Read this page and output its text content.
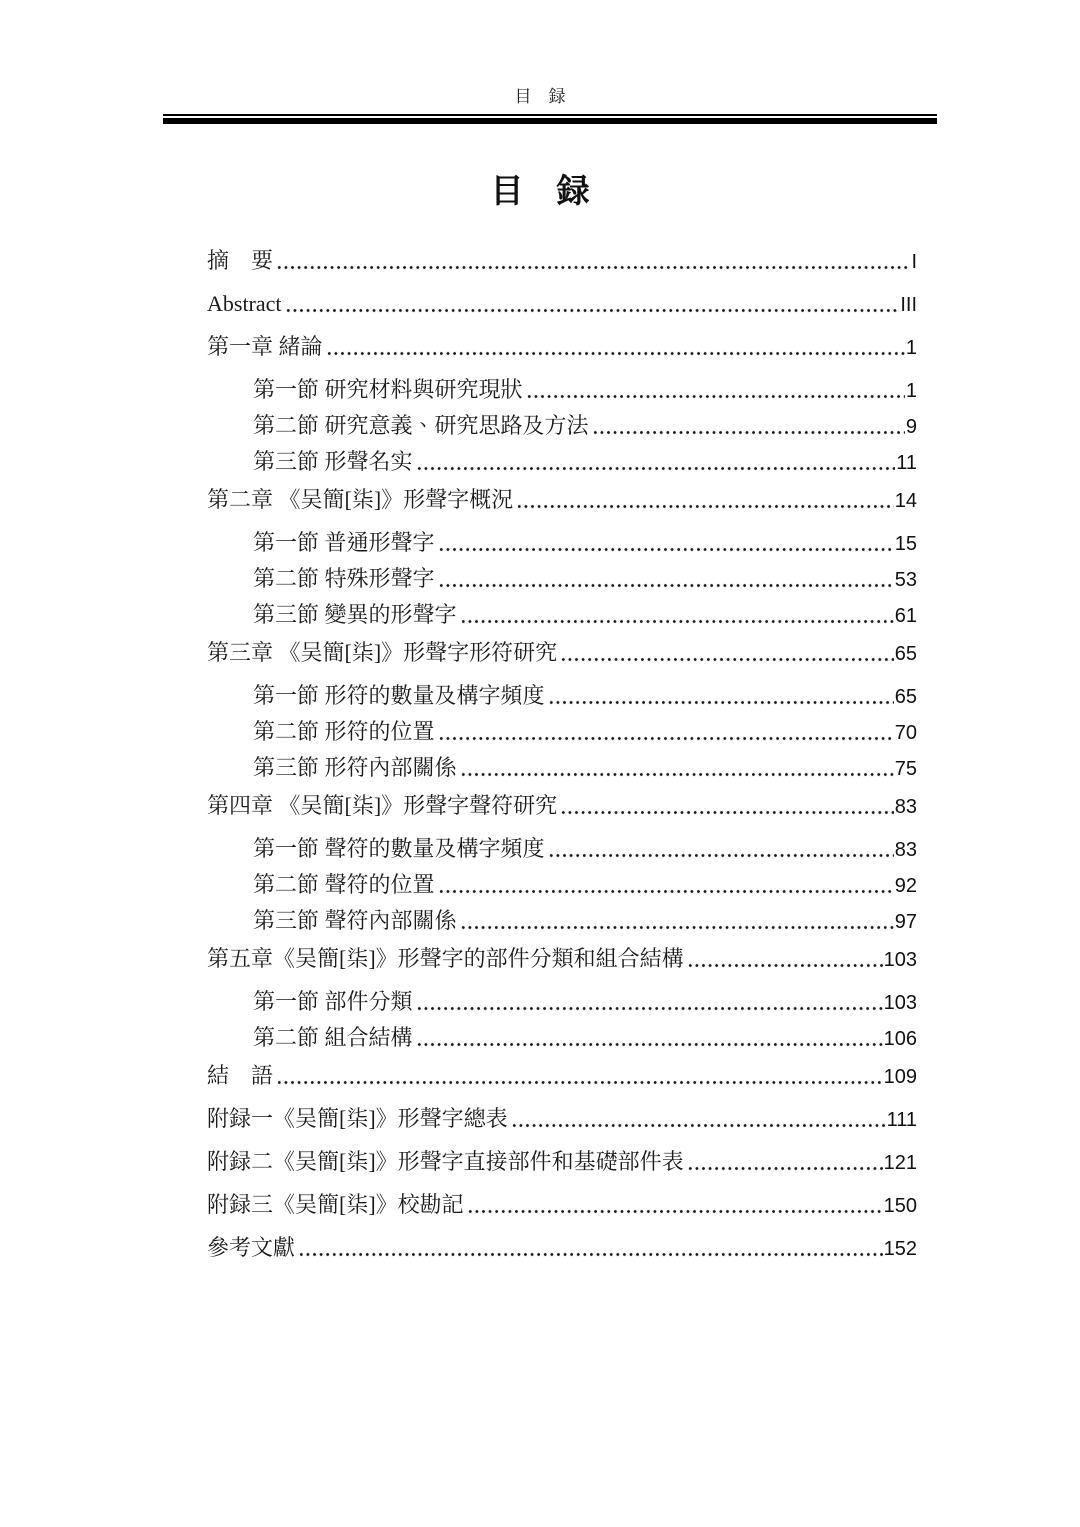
目　録
目　録
摘　要	I
Abstract	III
第一章 緒論	1
第一節 研究材料與研究現狀	1
第二節 研究意義、研究思路及方法	9
第三節 形聲名实	11
第二章 《吴簡[柒]》形聲字概況	14
第一節 普通形聲字	15
第二節 特殊形聲字	53
第三節 變異的形聲字	61
第三章 《吴簡[柒]》形聲字形符研究	65
第一節 形符的數量及構字頻度	65
第二節 形符的位置	70
第三節 形符內部關係	75
第四章 《吴簡[柒]》形聲字聲符研究	83
第一節 聲符的數量及構字頻度	83
第二節 聲符的位置	92
第三節 聲符內部關係	97
第五章《吴簡[柒]》形聲字的部件分類和組合結構	103
第一節 部件分類	103
第二節 組合結構	106
結　語	109
附録一《吴簡[柒]》形聲字總表	111
附録二《吴簡[柒]》形聲字直接部件和基礎部件表	121
附録三《吴簡[柒]》校勘記	150
參考文獻	152
